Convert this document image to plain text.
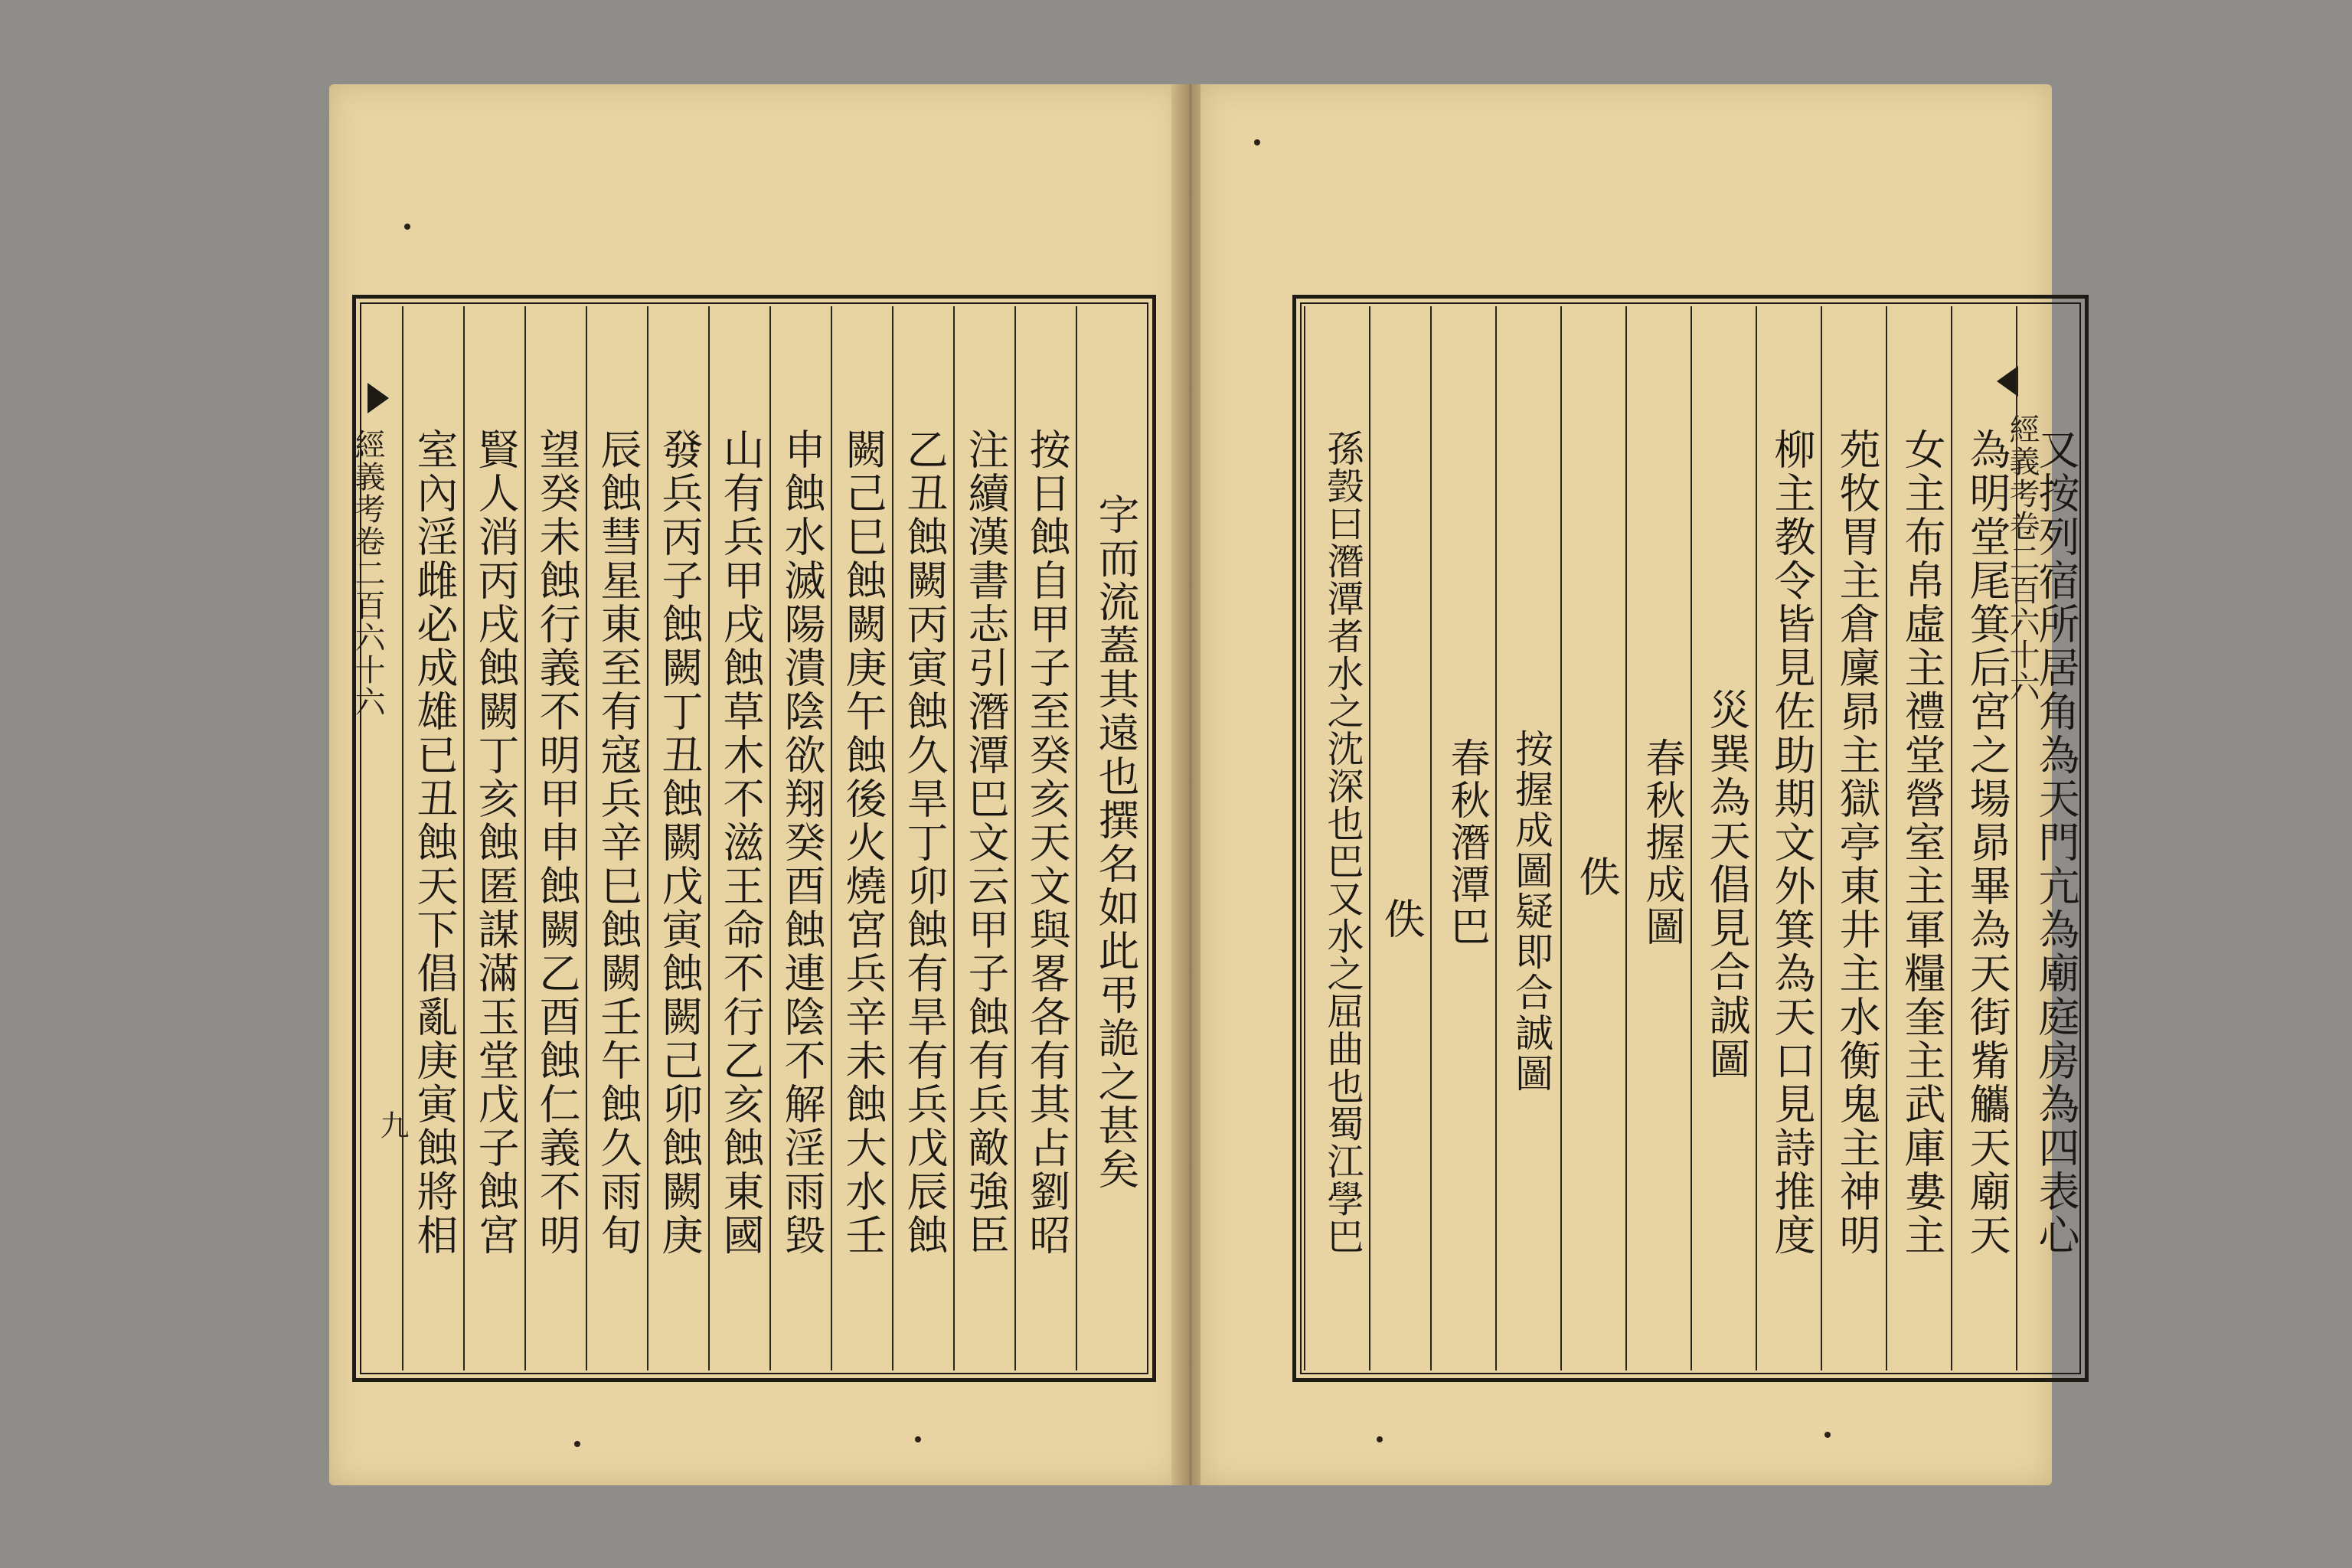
經義考卷二百六十六
九 室內淫雌必成雄已丑蝕天下倡亂庚寅蝕將相 賢人消丙戌蝕闕丁亥蝕匿謀滿玉堂戊子蝕宮 望癸未蝕行義不明甲申蝕闕乙酉蝕仁義不明 辰蝕彗星東至有寇兵辛巳蝕闕壬午蝕久雨旬 發兵丙子蝕闕丁丑蝕闕戊寅蝕闕己卯蝕闕庚 山有兵甲戌蝕草木不滋王命不行乙亥蝕東國 申蝕水滅陽潰陰欲翔癸酉蝕連陰不解淫雨毀 闕己巳蝕闕庚午蝕後火燒宮兵辛未蝕大水壬 乙丑蝕闕丙寅蝕久旱丁卯蝕有旱有兵戊辰蝕 注續漢書志引潛潭巴文云甲子蝕有兵敵強臣 按日蝕自甲子至癸亥天文與畧各有其占劉昭 字而流蓋其遠也撰名如此弔詭之甚矣	經義考卷二百六十六
又按列宿所居角為天門亢為廟庭房為四表心
為明堂尾箕后宮之場昴畢為天街觜觿天廟天
女主布帛虛主禮堂營室主軍糧奎主武庫婁主
苑牧胃主倉廩昴主獄亭東井主水衡鬼主神明
柳主教令皆見佐助期文外箕為天口見詩推度
災巽為天倡見合誠圖
春秋握成圖
佚
按握成圖疑即合誠圖
春秋潛潭巴
佚
孫瑴曰潛潭者水之沈深也巴又水之屈曲也蜀江學巴
